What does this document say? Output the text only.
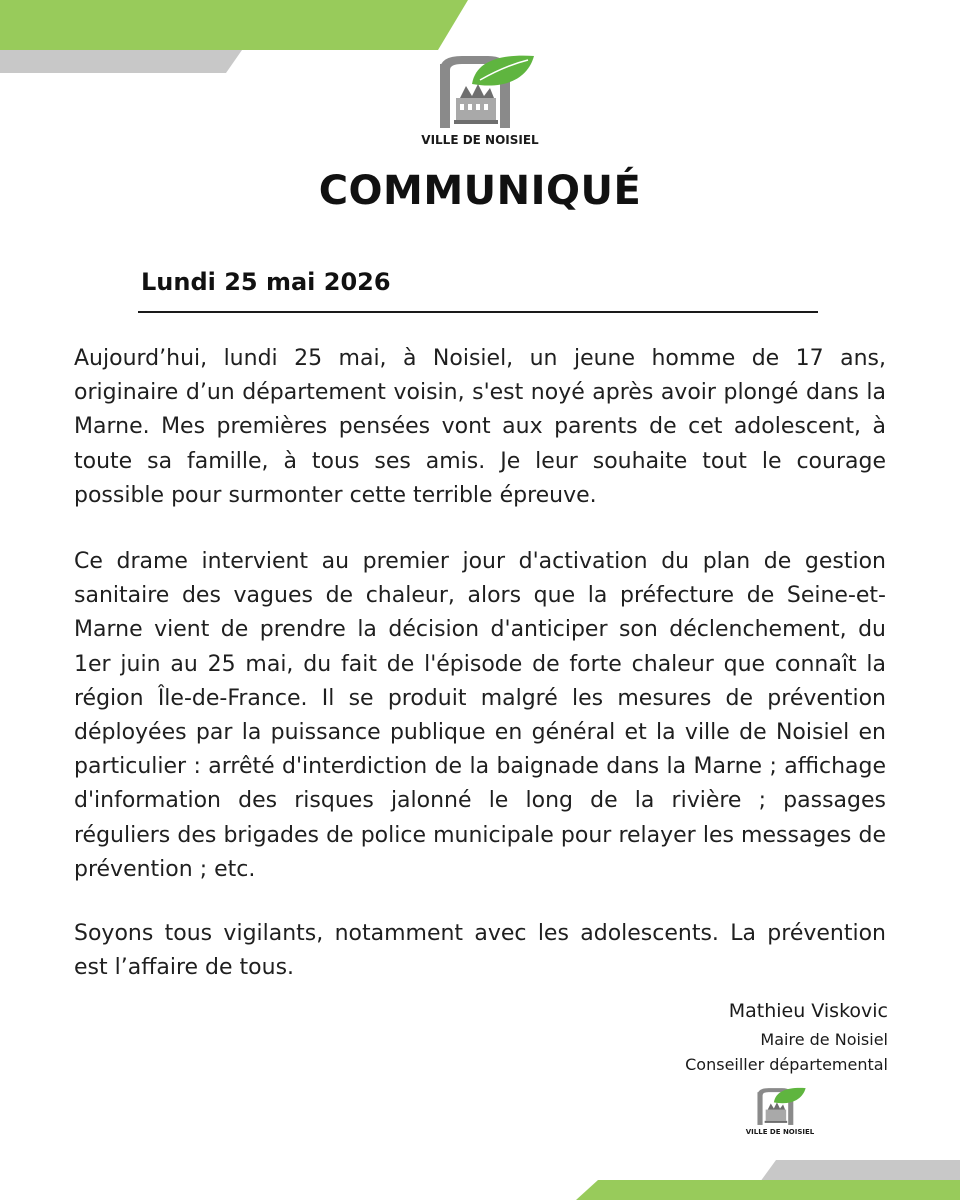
VILLE DE NOISIEL
COMMUNIQUÉ
Lundi 25 mai 2026

Aujourd’hui, lundi 25 mai, à Noisiel, un jeune homme de 17 ans, originaire d’un département voisin, s'est noyé après avoir plongé dans la Marne. Mes premières pensées vont aux parents de cet adolescent, à toute sa famille, à tous ses amis. Je leur souhaite tout le courage possible pour surmonter cette terrible épreuve.

Ce drame intervient au premier jour d'activation du plan de gestion sanitaire des vagues de chaleur, alors que la préfecture de Seine-et-Marne vient de prendre la décision d'anticiper son déclenchement, du 1er juin au 25 mai, du fait de l'épisode de forte chaleur que connaît la région Île-de-France. Il se produit malgré les mesures de prévention déployées par la puissance publique en général et la ville de Noisiel en particulier : arrêté d'interdiction de la baignade dans la Marne ; affichage d'information des risques jalonné le long de la rivière ; passages réguliers des brigades de police municipale pour relayer les messages de prévention ; etc.

Soyons tous vigilants, notamment avec les adolescents. La prévention est l’affaire de tous.

Mathieu Viskovic
Maire de Noisiel
Conseiller départemental
VILLE DE NOISIEL
